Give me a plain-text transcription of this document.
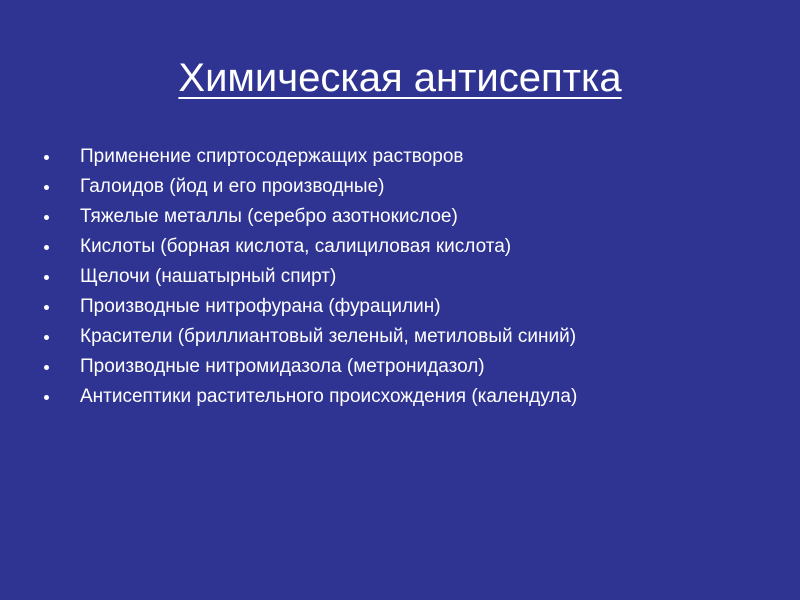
Химическая антисептка
Применение спиртосодержащих растворов
Галоидов (йод и его производные)
Тяжелые металлы (серебро азотнокислое)
Кислоты (борная кислота, салициловая кислота)
Щелочи (нашатырный спирт)
Производные нитрофурана (фурацилин)
Красители (бриллиантовый зеленый, метиловый синий)
Производные нитромидазола (метронидазол)
Антисептики растительного происхождения (календула)
